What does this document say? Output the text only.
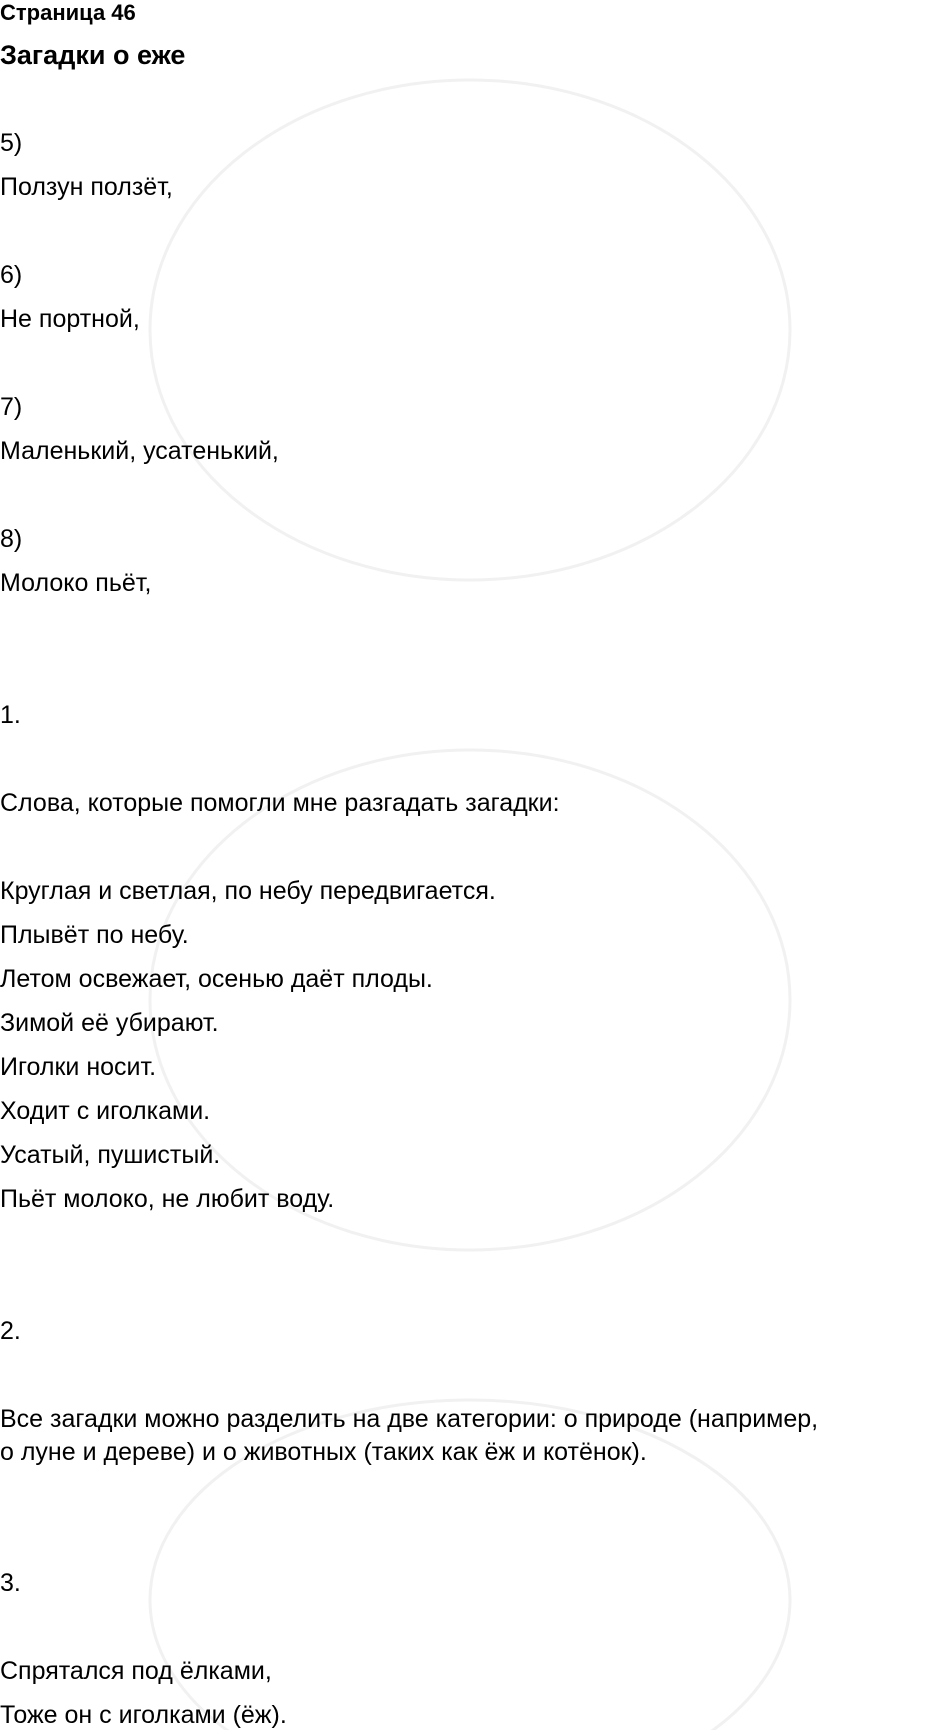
Страница 46
Загадки о еже
5)
Ползун ползёт,
6)
Не портной,
7)
Маленький, усатенький,
8)
Молоко пьёт,
1.
Слова, которые помогли мне разгадать загадки:
Круглая и светлая, по небу передвигается.
Плывёт по небу.
Летом освежает, осенью даёт плоды.
Зимой её убирают.
Иголки носит.
Ходит с иголками.
Усатый, пушистый.
Пьёт молоко, не любит воду.
2.
Все загадки можно разделить на две категории: о природе (например,
о луне и дереве) и о животных (таких как ёж и котёнок).
3.
Спрятался под ёлками,
Тоже он с иголками (ёж).
